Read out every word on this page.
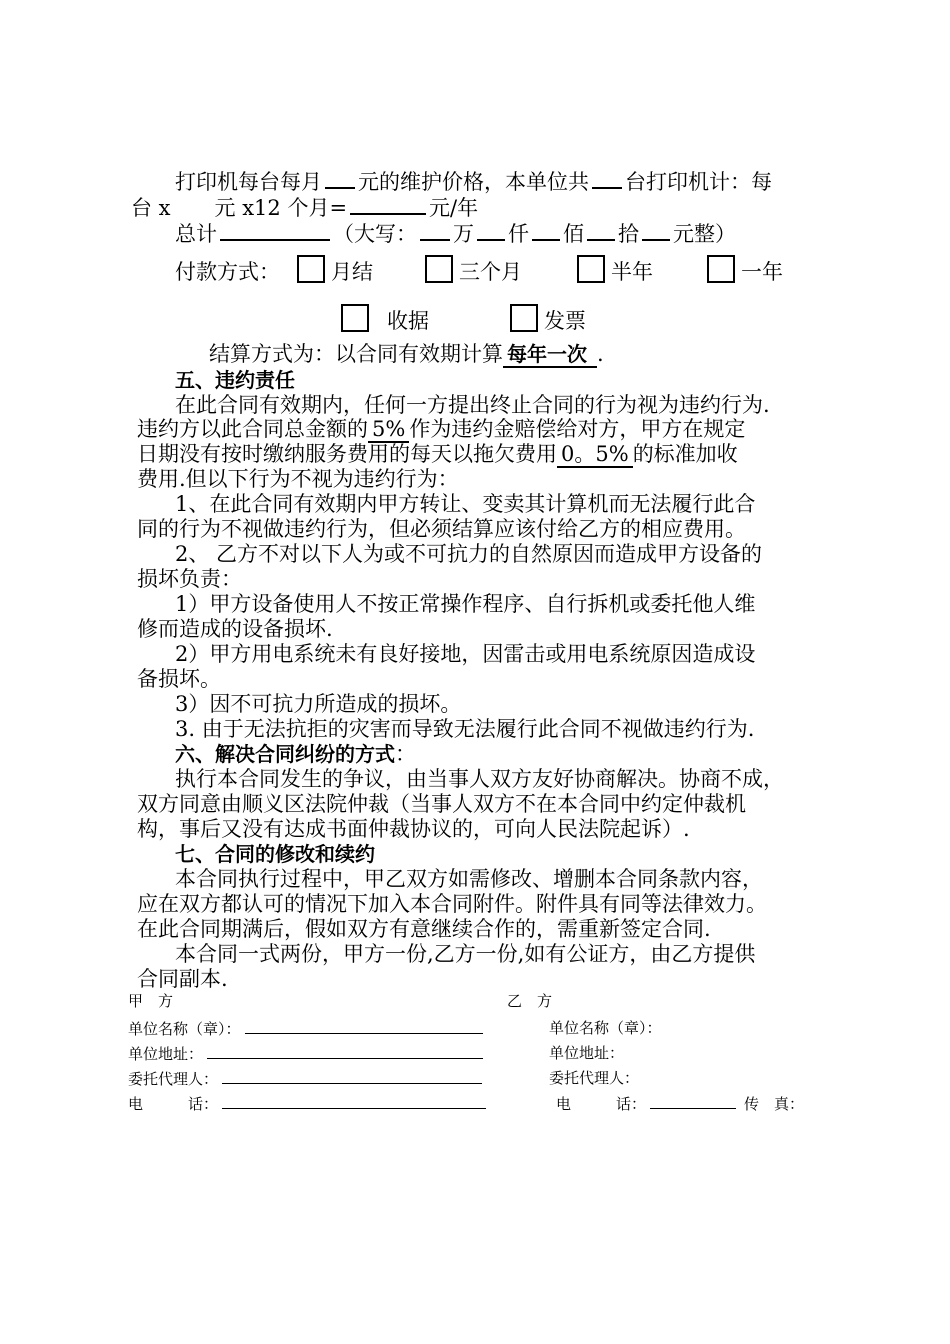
打印机每台每月 元的维护价格，本单位共 台打印机计：每
台 x 元 x12 个月=	元/年
总计	（大写： 万 仟 佰 拾 元整）
付款方式：	月结	三个月	半年	一年
收据	发票
结算方式为：以合同有效期计算 每年一次 .
五、违约责任
在此合同有效期内，任何一方提出终止合同的行为视为违约行为.
违约方以此合同总金额的 5% 作为违约金赔偿给对方，甲方在规定
日期没有按时缴纳服务费用的每天以拖欠费用 0。5% 的标准加收
费用.但以下行为不视为违约行为：
1、在此合同有效期内甲方转让、变卖其计算机而无法履行此合
同的行为不视做违约行为，但必须结算应该付给乙方的相应费用。
2、 乙方不对以下人为或不可抗力的自然原因而造成甲方设备的
损坏负责：
1）甲方设备使用人不按正常操作程序、自行拆机或委托他人维
修而造成的设备损坏.
2）甲方用电系统未有良好接地，因雷击或用电系统原因造成设
备损坏。
3）因不可抗力所造成的损坏。
3. 由于无法抗拒的灾害而导致无法履行此合同不视做违约行为.
六、解决合同纠纷的方式：
执行本合同发生的争议，由当事人双方友好协商解决。协商不成，
双方同意由顺义区法院仲裁（当事人双方不在本合同中约定仲裁机
构，事后又没有达成书面仲裁协议的，可向人民法院起诉）.
七、合同的修改和续约
本合同执行过程中，甲乙双方如需修改、增删本合同条款内容，
应在双方都认可的情况下加入本合同附件。附件具有同等法律效力。
在此合同期满后，假如双方有意继续合作的，需重新签定合同.
本合同一式两份，甲方一份,乙方一份,如有公证方，由乙方提供
合同副本.
甲　方
单位名称（章）：
单位地址：
委托代理人：
电　　　话：
乙　方
单位名称（章）：
单位地址：
委托代理人：
电　　　话：	传　真：
